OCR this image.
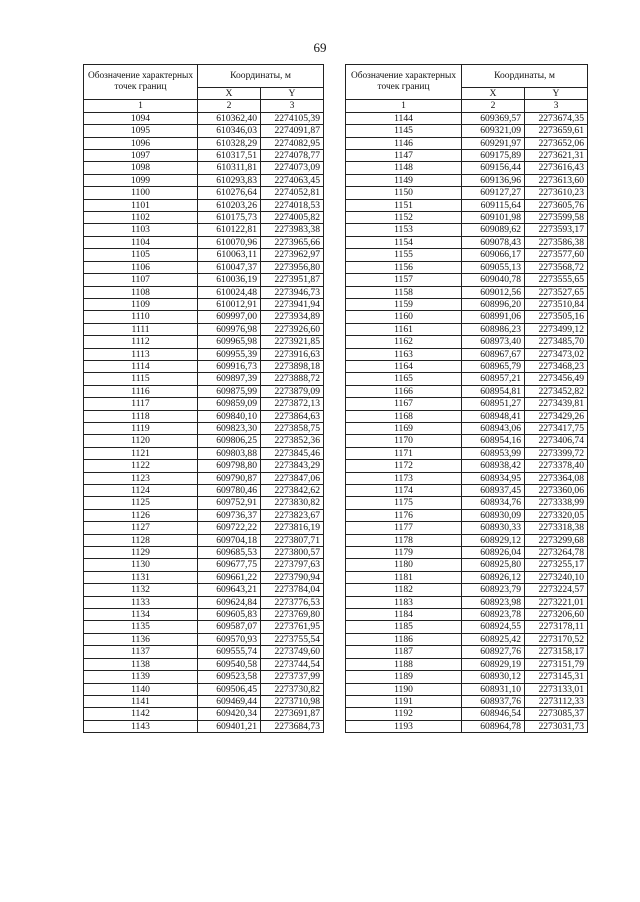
69
Обозначение характерных точек границ	Координаты, м	
	X	Y
1	2	3
1094	610362,40	2274105,39
1095	610346,03	2274091,87
1096	610328,29	2274082,95
1097	610317,51	2274078,77
1098	610311,81	2274073,09
1099	610293,83	2274063,45
1100	610276,64	2274052,81
1101	610203,26	2274018,53
1102	610175,73	2274005,82
1103	610122,81	2273983,38
1104	610070,96	2273965,66
1105	610063,11	2273962,97
1106	610047,37	2273956,80
1107	610036,19	2273951,87
1108	610024,48	2273946,73
1109	610012,91	2273941,94
1110	609997,00	2273934,89
1111	609976,98	2273926,60
1112	609965,98	2273921,85
1113	609955,39	2273916,63
1114	609916,73	2273898,18
1115	609897,39	2273888,72
1116	609875,99	2273879,09
1117	609859,09	2273872,13
1118	609840,10	2273864,63
1119	609823,30	2273858,75
1120	609806,25	2273852,36
1121	609803,88	2273845,46
1122	609798,80	2273843,29
1123	609790,87	2273847,06
1124	609780,46	2273842,62
1125	609752,91	2273830,82
1126	609736,37	2273823,67
1127	609722,22	2273816,19
1128	609704,18	2273807,71
1129	609685,53	2273800,57
1130	609677,75	2273797,63
1131	609661,22	2273790,94
1132	609643,21	2273784,04
1133	609624,84	2273776,53
1134	609605,83	2273769,80
1135	609587,07	2273761,95
1136	609570,93	2273755,54
1137	609555,74	2273749,60
1138	609540,58	2273744,54
1139	609523,58	2273737,99
1140	609506,45	2273730,82
1141	609469,44	2273710,98
1142	609420,34	2273691,87
1143	609401,21	2273684,73
Обозначение характерных точек границ	Координаты, м	
	X	Y
1	2	3
1144	609369,57	2273674,35
1145	609321,09	2273659,61
1146	609291,97	2273652,06
1147	609175,89	2273621,31
1148	609156,44	2273616,43
1149	609136,96	2273613,60
1150	609127,27	2273610,23
1151	609115,64	2273605,76
1152	609101,98	2273599,58
1153	609089,62	2273593,17
1154	609078,43	2273586,38
1155	609066,17	2273577,60
1156	609055,13	2273568,72
1157	609040,78	2273555,65
1158	609012,56	2273527,65
1159	608996,20	2273510,84
1160	608991,06	2273505,16
1161	608986,23	2273499,12
1162	608973,40	2273485,70
1163	608967,67	2273473,02
1164	608965,79	2273468,23
1165	608957,21	2273456,49
1166	608954,81	2273452,82
1167	608951,27	2273439,81
1168	608948,41	2273429,26
1169	608943,06	2273417,75
1170	608954,16	2273406,74
1171	608953,99	2273399,72
1172	608938,42	2273378,40
1173	608934,95	2273364,08
1174	608937,45	2273360,06
1175	608934,76	2273338,99
1176	608930,09	2273320,05
1177	608930,33	2273318,38
1178	608929,12	2273299,68
1179	608926,04	2273264,78
1180	608925,80	2273255,17
1181	608926,12	2273240,10
1182	608923,79	2273224,57
1183	608923,98	2273221,01
1184	608923,78	2273206,60
1185	608924,55	2273178,11
1186	608925,42	2273170,52
1187	608927,76	2273158,17
1188	608929,19	2273151,79
1189	608930,12	2273145,31
1190	608931,10	2273133,01
1191	608937,76	2273112,33
1192	608946,54	2273085,37
1193	608964,78	2273031,73
